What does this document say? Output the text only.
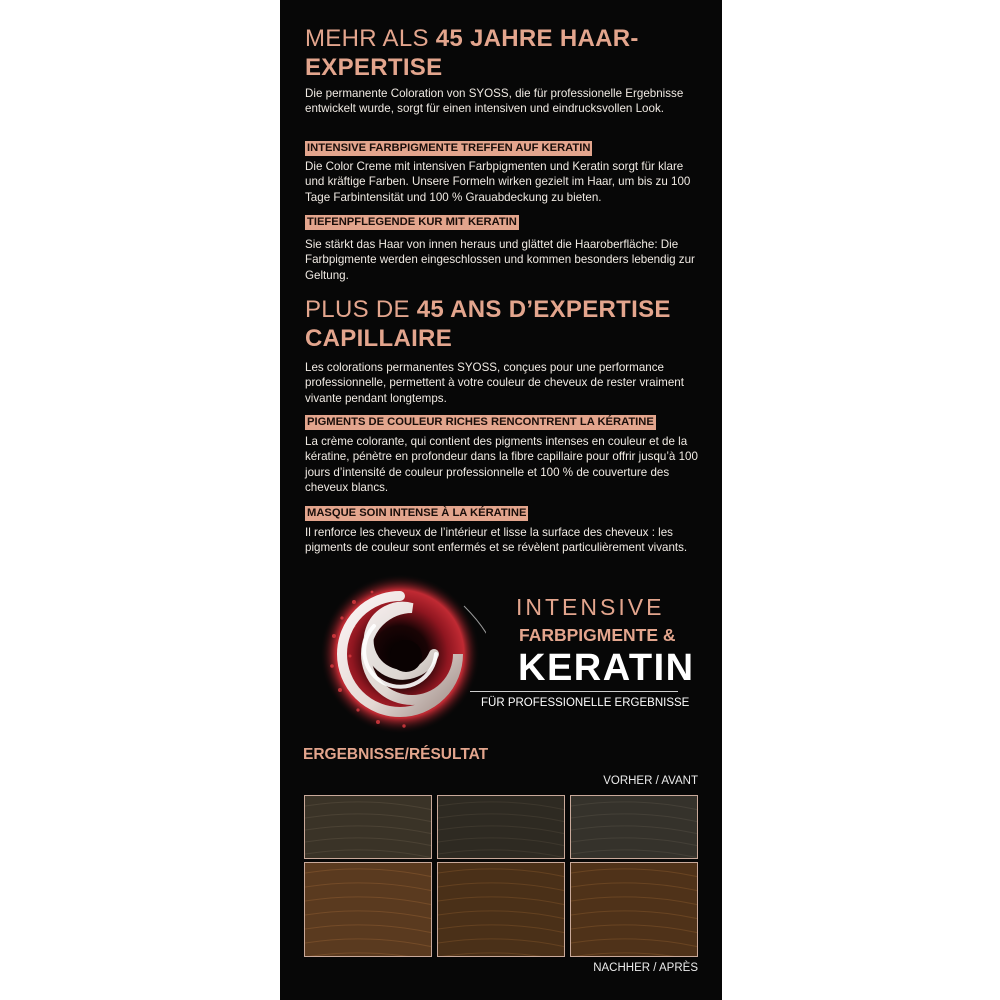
MEHR ALS 45 JAHRE HAAR-
EXPERTISE

Die permanente Coloration von SYOSS, die für professionelle Ergebnisse entwickelt wurde, sorgt für einen intensiven und eindrucksvollen Look.

INTENSIVE FARBPIGMENTE TREFFEN AUF KERATIN

Die Color Creme mit intensiven Farbpigmenten und Keratin sorgt für klare und kräftige Farben. Unsere Formeln wirken gezielt im Haar, um bis zu 100 Tage Farbintensität und 100 % Grauabdeckung zu bieten.

TIEFENPFLEGENDE KUR MIT KERATIN

Sie stärkt das Haar von innen heraus und glättet die Haaroberfläche: Die Farbpigmente werden eingeschlossen und kommen besonders lebendig zur Geltung.

PLUS DE 45 ANS D’EXPERTISE
CAPILLAIRE

Les colorations permanentes SYOSS, conçues pour une performance professionnelle, permettent à votre couleur de cheveux de rester vraiment vivante pendant longtemps.

PIGMENTS DE COULEUR RICHES RENCONTRENT LA KÉRATINE

La crème colorante, qui contient des pigments intenses en couleur et de la kératine, pénètre en profondeur dans la fibre capillaire pour offrir jusqu’à 100 jours d’intensité de couleur professionnelle et 100 % de couverture des cheveux blancs.

MASQUE SOIN INTENSE À LA KÉRATINE

Il renforce les cheveux de l’intérieur et lisse la surface des cheveux : les pigments de couleur sont enfermés et se révèlent particulièrement vivants.

INTENSIVE
FARBPIGMENTE &
KERATIN
FÜR PROFESSIONELLE ERGEBNISSE
ERGEBNISSE/RÉSULTAT
VORHER / AVANT
NACHHER / APRÈS
